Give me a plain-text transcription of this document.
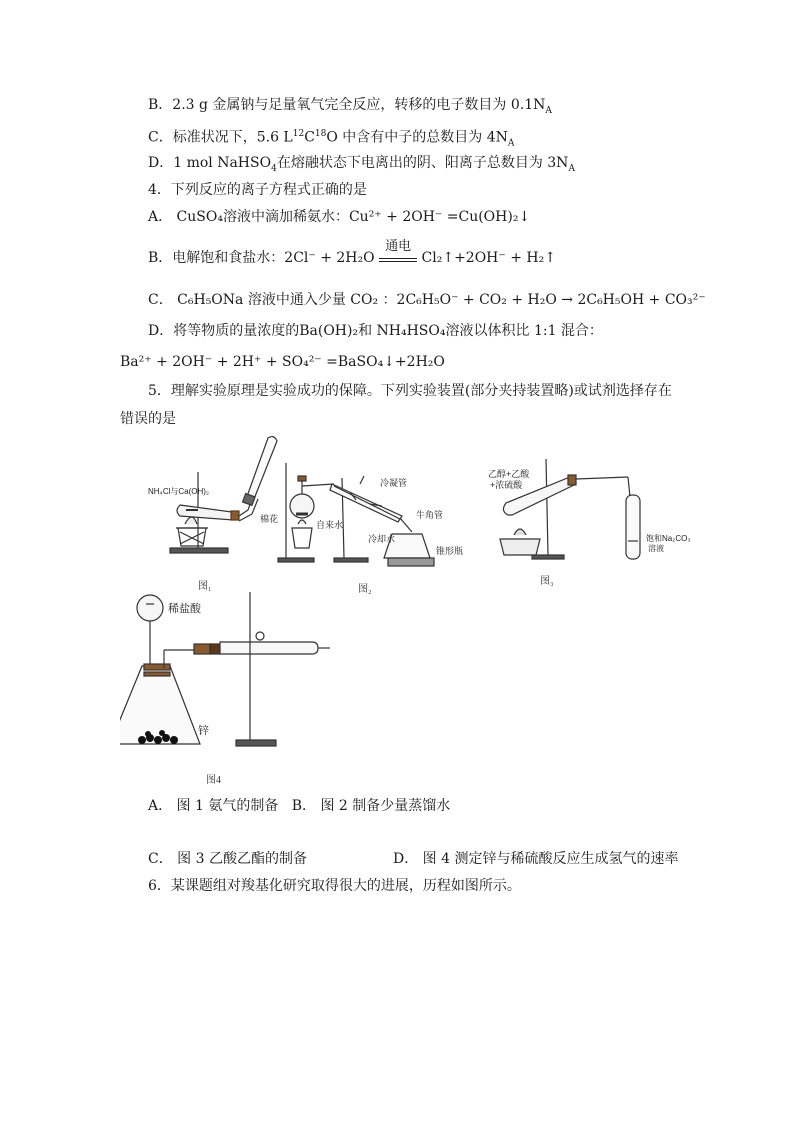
B．2.3 g 金属钠与足量氧气完全反应，转移的电子数目为 $0.1N_A$
C．标准状况下，5.6 $L^{12}C^{18}O$ 中含有中子的总数目为 $4N_A$
D．1 mol NaHSO$_4$在熔融状态下电离出的阴、阳离子总数目为 $3N_A$
4．下列反应的离子方程式正确的是
A． CuSO₄溶液中滴加稀氨水：Cu²⁺ + 2OH⁻ =Cu(OH)₂↓
B．电解饱和食盐水：2Cl⁻ + 2H₂O
通电
Cl₂↑+2OH⁻ + H₂↑
C． C₆H₅ONa 溶液中通入少量 CO₂ ：2C₆H₅O⁻ + CO₂ + H₂O → 2C₆H₅OH + CO₃²⁻
D．将等物质的量浓度的Ba(OH)₂和 NH₄HSO₄溶液以体积比 1:1 混合：
Ba²⁺ + 2OH⁻ + 2H⁺ + SO₄²⁻ =BaSO₄↓+2H₂O
5．理解实验原理是实验成功的保障。下列实验装置(部分夹持装置略)或试剂选择存在
错误的是
NH₄Cl与Ca(OH)₂
棉花
图₁
冷凝管
自来水
冷却水
牛角管
锥形瓶
图₂
乙醇+乙酸
+浓硫酸
饱和Na₂CO₃
溶液
图₃
稀盐酸
锌
图4
A． 图 1 氨气的制备 B． 图 2 制备少量蒸馏水
C． 图 3 乙酸乙酯的制备	D． 图 4 测定锌与稀硫酸反应生成氢气的速率
6．某课题组对羧基化研究取得很大的进展，历程如图所示。
